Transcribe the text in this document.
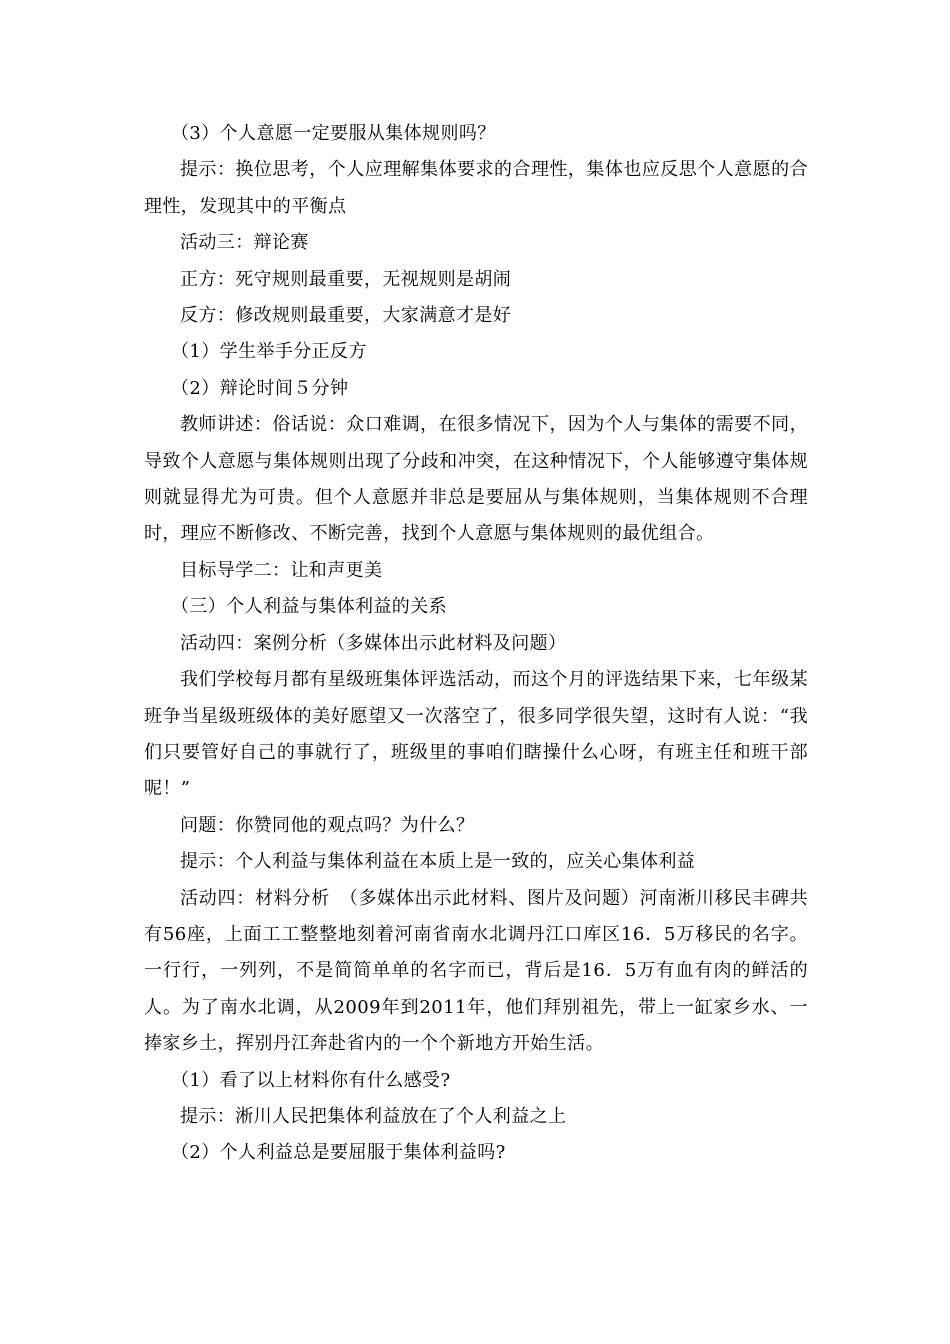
（3）个人意愿一定要服从集体规则吗？

提示：换位思考，个人应理解集体要求的合理性，集体也应反思个人意愿的合理性，发现其中的平衡点

活动三：辩论赛

正方：死守规则最重要，无视规则是胡闹

反方：修改规则最重要，大家满意才是好

（1）学生举手分正反方

（2）辩论时间５分钟

教师讲述：俗话说：众口难调，在很多情况下，因为个人与集体的需要不同，导致个人意愿与集体规则出现了分歧和冲突，在这种情况下，个人能够遵守集体规则就显得尤为可贵。但个人意愿并非总是要屈从与集体规则，当集体规则不合理时，理应不断修改、不断完善，找到个人意愿与集体规则的最优组合。

目标导学二：让和声更美

（三）个人利益与集体利益的关系

活动四：案例分析（多媒体出示此材料及问题）

我们学校每月都有星级班集体评选活动，而这个月的评选结果下来，七年级某班争当星级班级体的美好愿望又一次落空了，很多同学很失望，这时有人说：“我们只要管好自己的事就行了，班级里的事咱们瞎操什么心呀，有班主任和班干部呢！”

问题：你赞同他的观点吗？为什么？

提示：个人利益与集体利益在本质上是一致的，应关心集体利益

活动四：材料分析　（多媒体出示此材料、图片及问题）河南淅川移民丰碑共有56座，上面工工整整地刻着河南省南水北调丹江口库区16．5万移民的名字。一行行，一列列，不是简简单单的名字而已，背后是16．5万有血有肉的鲜活的人。为了南水北调，从2009年到2011年，他们拜别祖先，带上一缸家乡水、一捧家乡土，挥别丹江奔赴省内的一个个新地方开始生活。

（1）看了以上材料你有什么感受?

提示：淅川人民把集体利益放在了个人利益之上

（2）个人利益总是要屈服于集体利益吗?
